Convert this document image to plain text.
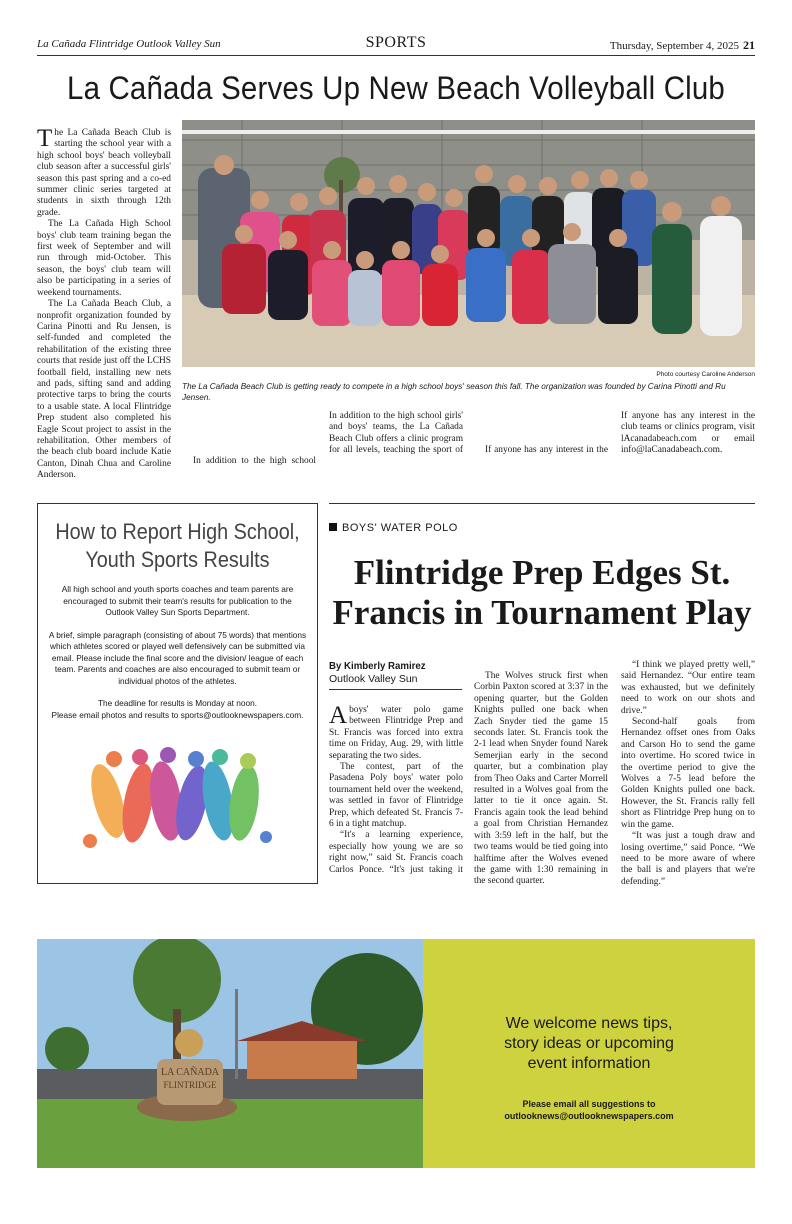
La Cañada Flintridge Outlook Valley Sun	SPORTS	Thursday, September 4, 2025 21
La Cañada Serves Up New Beach Volleyball Club

The La Cañada Beach Club is starting the school year with a high school boys' beach volleyball club season after a successful girls' season this past spring and a co-ed summer clinic series targeted at students in sixth through 12th grade.

The La Cañada High School boys' club team training began the first week of September and will run through mid-October. This season, the boys' club team will also be participating in a series of weekend tournaments.

The La Cañada Beach Club, a nonprofit organization founded by Carina Pinotti and Ru Jensen, is self-funded and completed the rehabilitation of the existing three courts that reside just off the LCHS football field, installing new nets and pads, sifting sand and adding protective tarps to bring the courts to a usable state. A local Flintridge Prep student also completed his Eagle Scout project to assist in the rehabilitation. Other members of the beach club board include Katie Canton, Dinah Chua and Caroline Anderson.

Photo courtesy Caroline Anderson
The La Cañada Beach Club is getting ready to compete in a high school boys' season this fall. The organization was founded by Carina Pinotti and Ru Jensen.

In addition to the high school

In addition to the high school girls' and boys' teams, the La Cañada Beach Club offers a clinic program for all levels, teaching the sport of	If anyone has any interest in the

If anyone has any interest in the club teams or clinics program, visit lAcanadabeach.com or email info@laCanadabeach.com.

How to Report High School, Youth Sports Results
All high school and youth sports coaches and team parents are encouraged to submit their team's results for publication to the Outlook Valley Sun Sports Department.
A brief, simple paragraph (consisting of about 75 words) that mentions which athletes scored or played well defensively can be submitted via email. Please include the final score and the division/ league of each team. Parents and coaches are also encouraged to submit team or individual photos of the athletes.
The deadline for results is Monday at noon.
Please email photos and results to sports@outlooknewspapers.com.
BOYS' WATER POLO
Flintridge Prep Edges St. Francis in Tournament Play
By Kimberly Ramirez
Outlook Valley Sun

A boys' water polo game between Flintridge Prep and St. Francis was forced into extra time on Friday, Aug. 29, with little separating the two sides.

The contest, part of the Pasadena Poly boys' water polo tournament held over the weekend, was settled in favor of Flintridge Prep, which defeated St. Francis 7-6 in a tight matchup.

“It's a learning experience, especially how young we are so right now,” said St. Francis coach Carlos Ponce. “It's just taking it

The Wolves struck first when Corbin Paxton scored at 3:37 in the opening quarter, but the Golden Knights pulled one back when Zach Snyder tied the game 15 seconds later. St. Francis took the 2-1 lead when Snyder found Narek Semerjian early in the second quarter, but a combination play from Theo Oaks and Carter Morrell resulted in a Wolves goal from the latter to tie it once again. St. Francis again took the lead behind a goal from Christian Hernandez with 3:59 left in the half, but the two teams would be tied going into halftime after the Wolves evened the game with 1:30 remaining in the second quarter.

“I think we played pretty well,” said Hernandez. “Our entire team was exhausted, but we definitely need to work on our shots and drive.”

Second-half goals from Hernandez offset ones from Oaks and Carson Ho to send the game into overtime. Ho scored twice in the overtime period to give the Wolves a 7-5 lead before the Golden Knights pulled one back. However, the St. Francis rally fell short as Flintridge Prep hung on to win the game.

“It was just a tough draw and losing overtime,” said Ponce. “We need to be more aware of where the ball is and players that we're defending.”

LA CAÑADA
FLINTRIDGE
We welcome news tips, story ideas or upcoming event information
Please email all suggestions to
outlooknews@outlooknewspapers.com
